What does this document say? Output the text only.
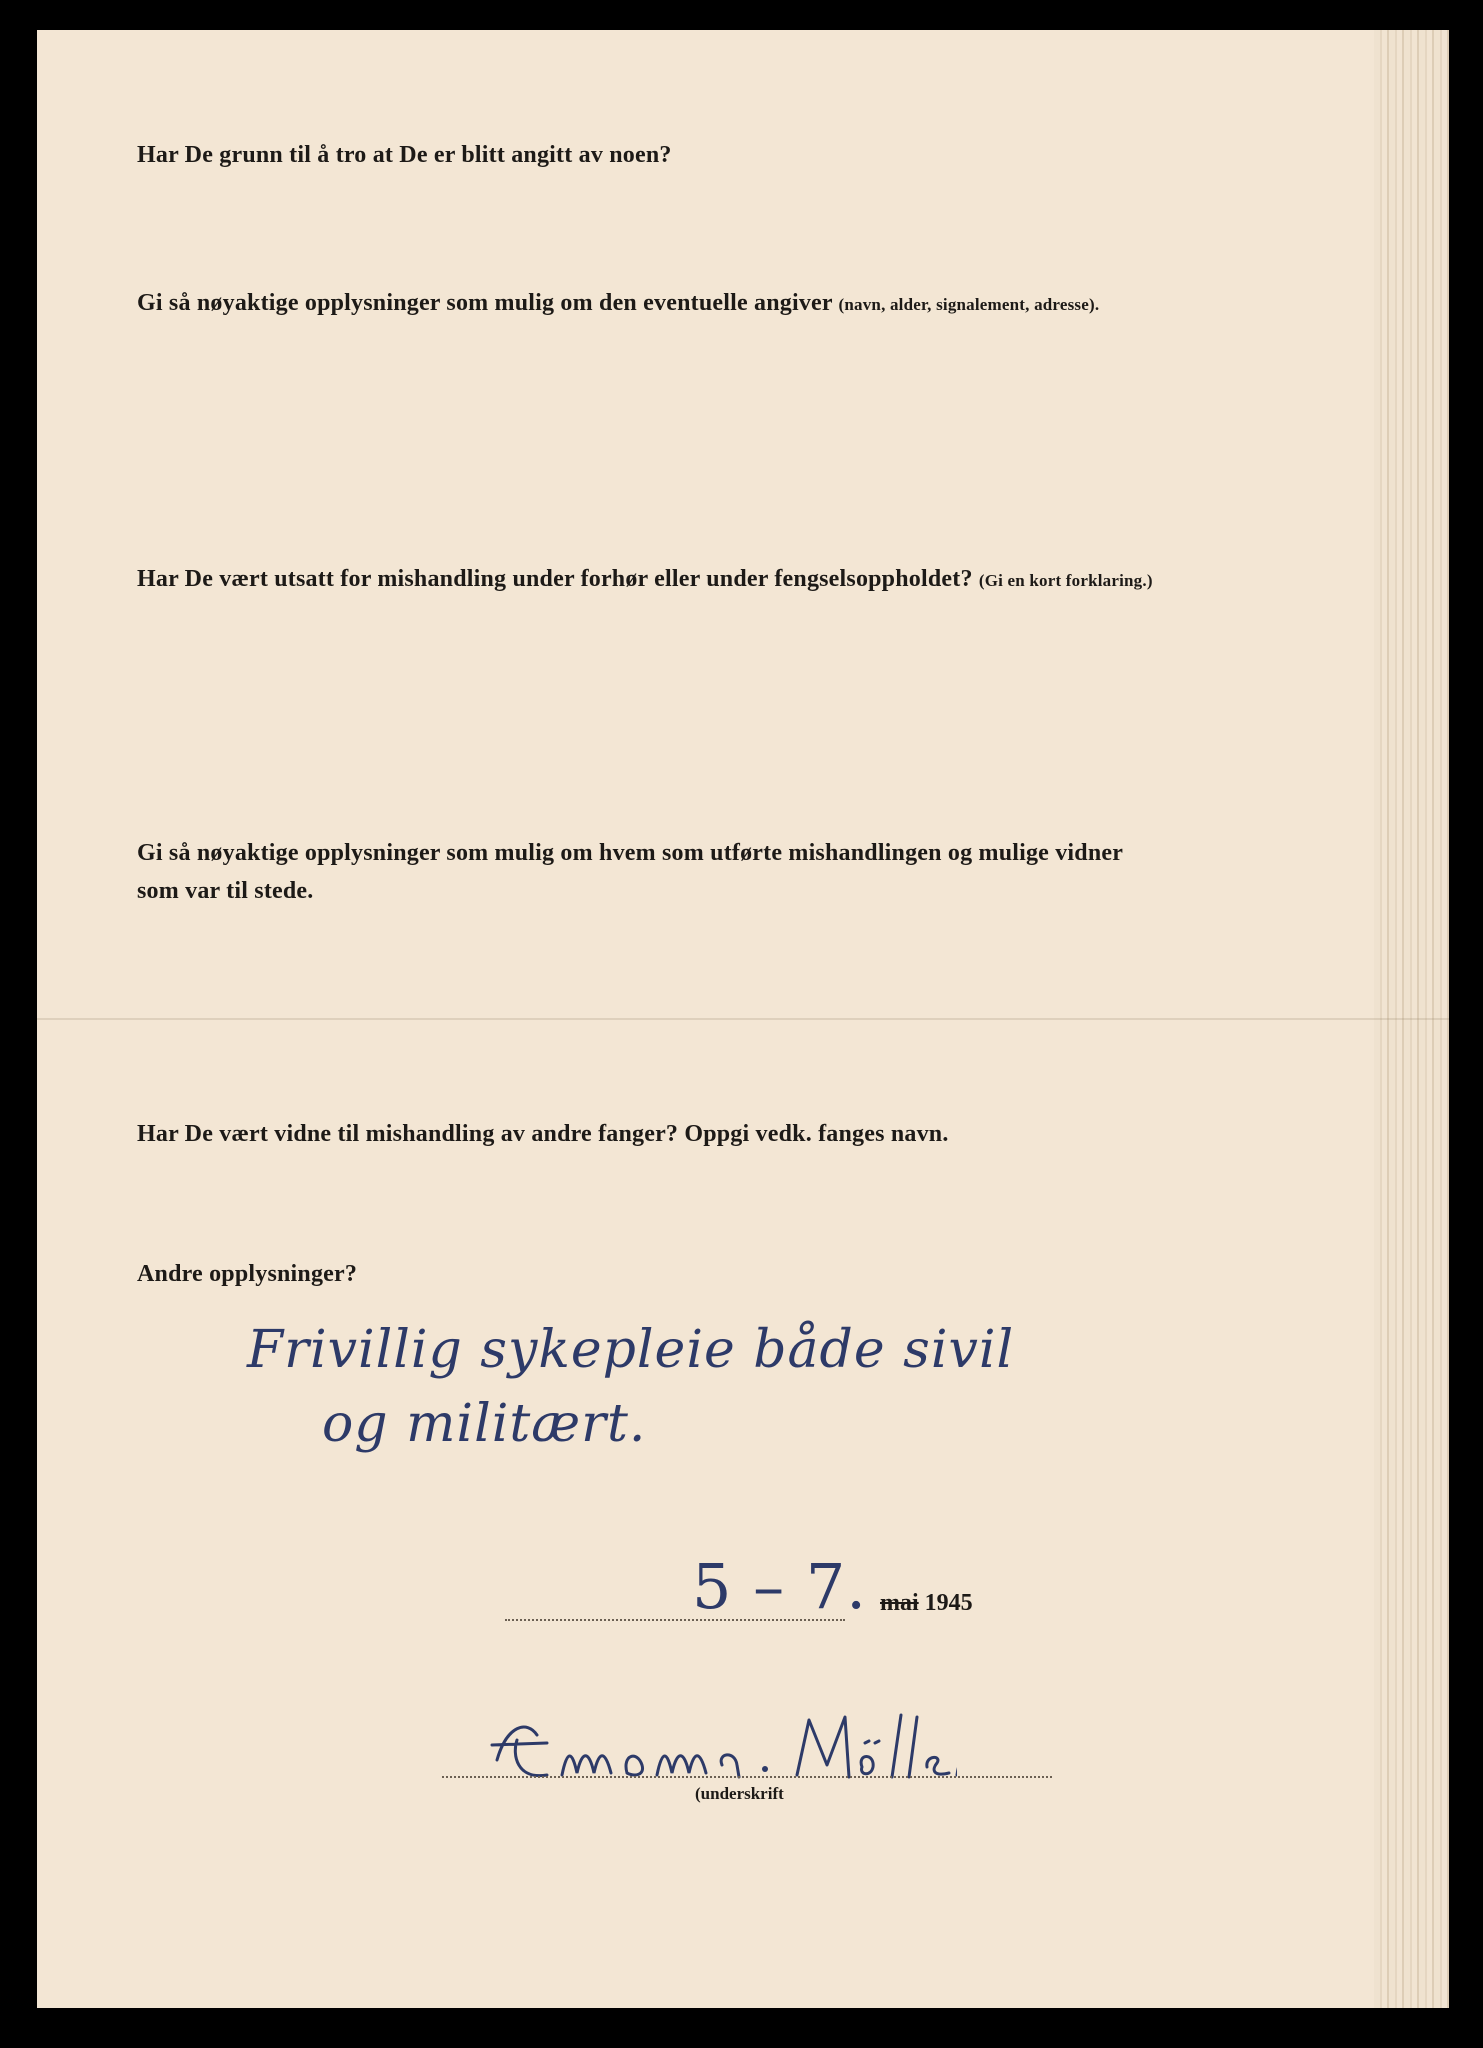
Har De grunn til å tro at De er blitt angitt av noen?

Gi så nøyaktige opplysninger som mulig om den eventuelle angiver (navn, alder, signalement, adresse).

Har De vært utsatt for mishandling under forhør eller under fengselsoppholdet? (Gi en kort forklaring.)

Gi så nøyaktige opplysninger som mulig om hvem som utførte mishandlingen og mulige vidner
som var til stede.

Har De vært vidne til mishandling av andre fanger? Oppgi vedk. fanges navn.

Andre opplysninger?

Frivillig sykepleie både sivil
og militært.
5 – 7. mai 1945
(underskrift
